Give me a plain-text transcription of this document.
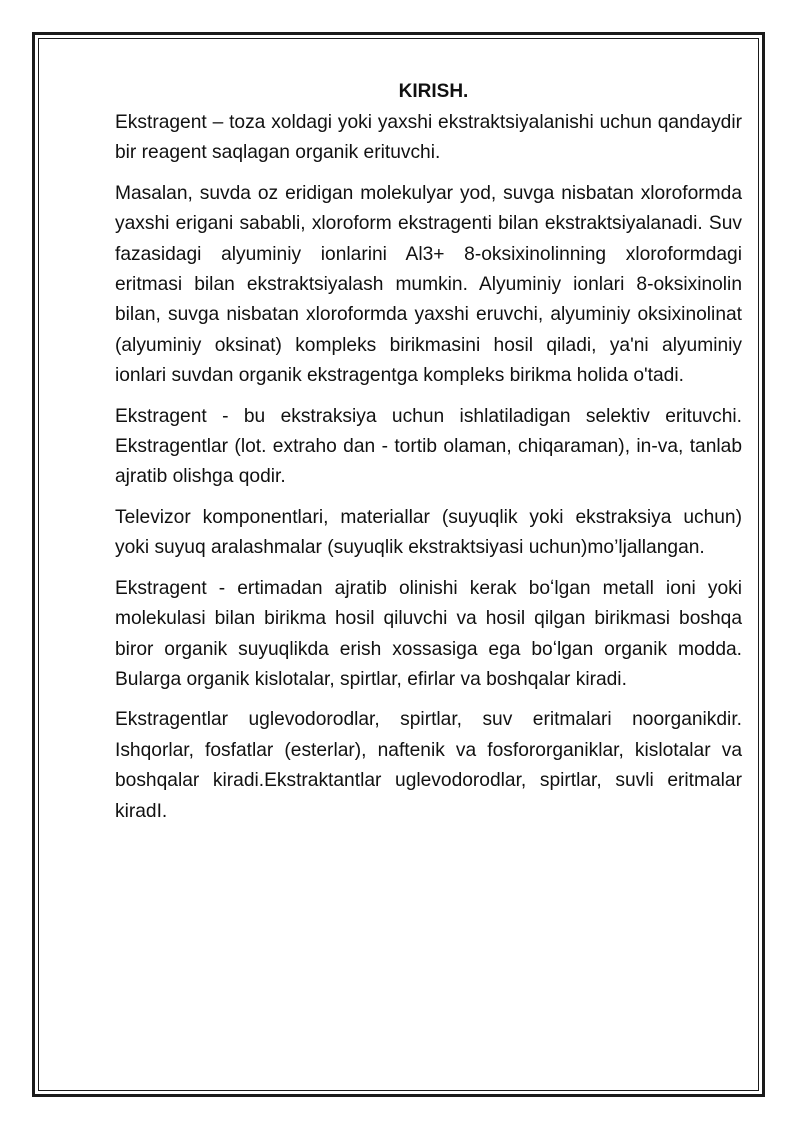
KIRISH.

Ekstragent – toza xoldagi yoki yaxshi ekstraktsiyalanishi uchun qandaydir bir reagent saqlagan organik erituvchi.

Masalan, suvda oz eridigan molekulyar yod, suvga nisbatan xloroformda yaxshi erigani sababli, xloroform ekstragenti bilan ekstraktsiyalanadi. Suv fazasidagi alyuminiy ionlarini Al3+ 8-oksixinolinning xloroformdagi eritmasi bilan ekstraktsiyalash mumkin. Alyuminiy ionlari 8-oksixinolin bilan, suvga nisbatan xloroformda yaxshi eruvchi, alyuminiy oksixinolinat (alyuminiy oksinat) kompleks birikmasini hosil qiladi, ya'ni alyuminiy ionlari suvdan organik ekstragentga kompleks birikma holida o'tadi.

Ekstragent - bu ekstraksiya uchun ishlatiladigan selektiv erituvchi. Ekstragentlar (lot. extraho dan - tortib olaman, chiqaraman), in-va, tanlab ajratib olishga qodir.

Televizor komponentlari, materiallar (suyuqlik yoki ekstraksiya uchun) yoki suyuq aralashmalar (suyuqlik ekstraktsiyasi uchun)mo’ljallangan.

Ekstragent - ertimadan ajratib olinishi kerak boʻlgan metall ioni yoki molekulasi bilan birikma hosil qiluvchi va hosil qilgan birikmasi boshqa biror organik suyuqlikda erish xossasiga ega boʻlgan organik modda. Bularga organik kislotalar, spirtlar, efirlar va boshqalar kiradi.

Ekstragentlar uglevodorodlar, spirtlar, suv eritmalari noorganikdir. Ishqorlar, fosfatlar (esterlar), naftenik va fosfororganiklar, kislotalar va boshqalar kiradi.Ekstraktantlar uglevodorodlar, spirtlar, suvli eritmalar kiradI.
